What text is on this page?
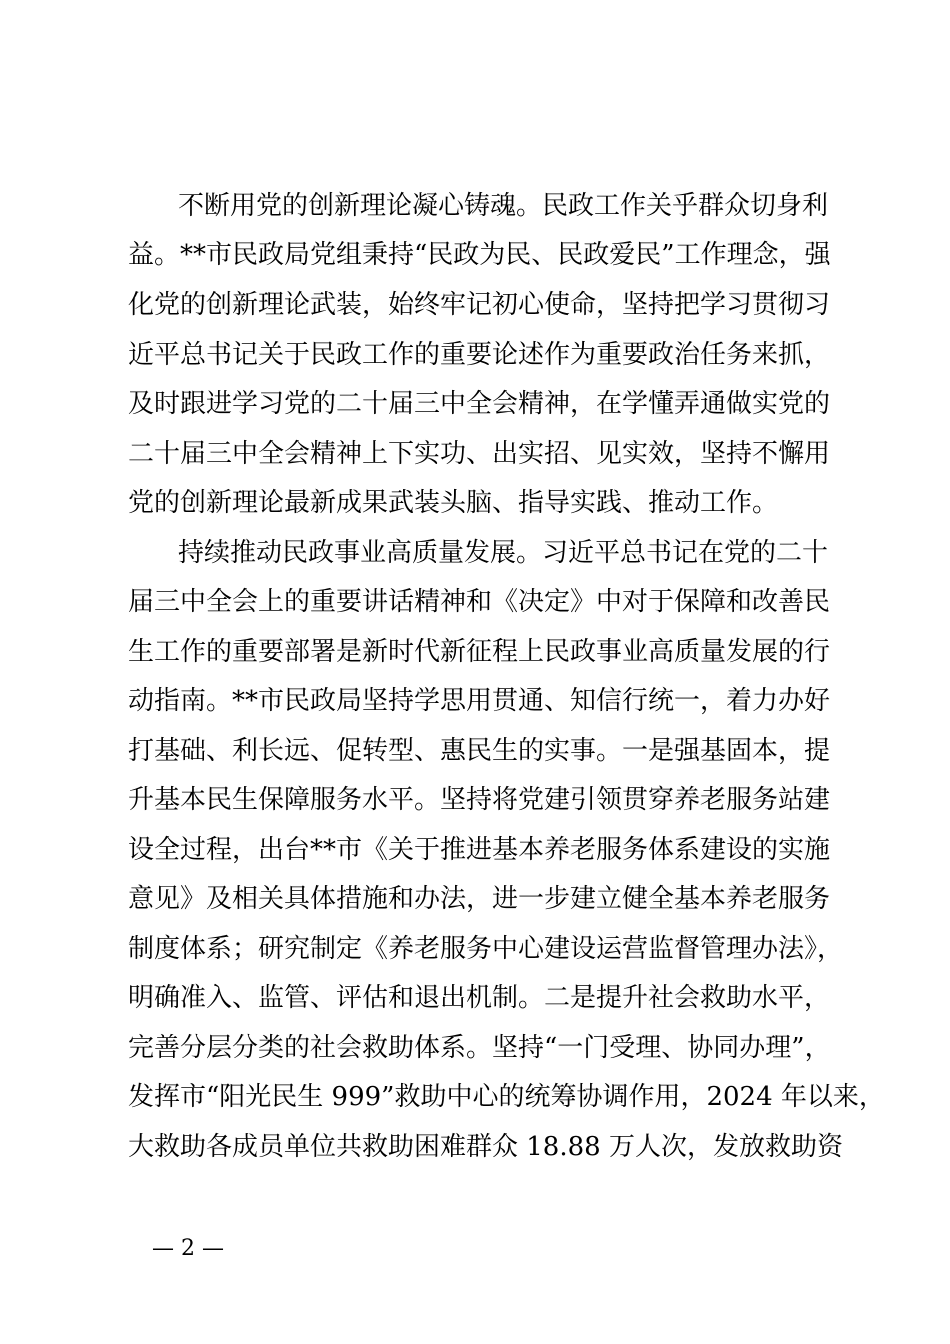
不断用党的创新理论凝心铸魂。民政工作关乎群众切身利
益。**市民政局党组秉持“民政为民、民政爱民”工作理念，强
化党的创新理论武装，始终牢记初心使命，坚持把学习贯彻习
近平总书记关于民政工作的重要论述作为重要政治任务来抓，
及时跟进学习党的二十届三中全会精神，在学懂弄通做实党的
二十届三中全会精神上下实功、出实招、见实效，坚持不懈用
党的创新理论最新成果武装头脑、指导实践、推动工作。
持续推动民政事业高质量发展。习近平总书记在党的二十
届三中全会上的重要讲话精神和《决定》中对于保障和改善民
生工作的重要部署是新时代新征程上民政事业高质量发展的行
动指南。**市民政局坚持学思用贯通、知信行统一，着力办好
打基础、利长远、促转型、惠民生的实事。一是强基固本，提
升基本民生保障服务水平。坚持将党建引领贯穿养老服务站建
设全过程，出台**市《关于推进基本养老服务体系建设的实施
意见》及相关具体措施和办法，进一步建立健全基本养老服务
制度体系；研究制定《养老服务中心建设运营监督管理办法》，
明确准入、监管、评估和退出机制。二是提升社会救助水平，
完善分层分类的社会救助体系。坚持“一门受理、协同办理”，
发挥市“阳光民生 999”救助中心的统筹协调作用，2024 年以来，
大救助各成员单位共救助困难群众 18.88 万人次，发放救助资
— 2 —
